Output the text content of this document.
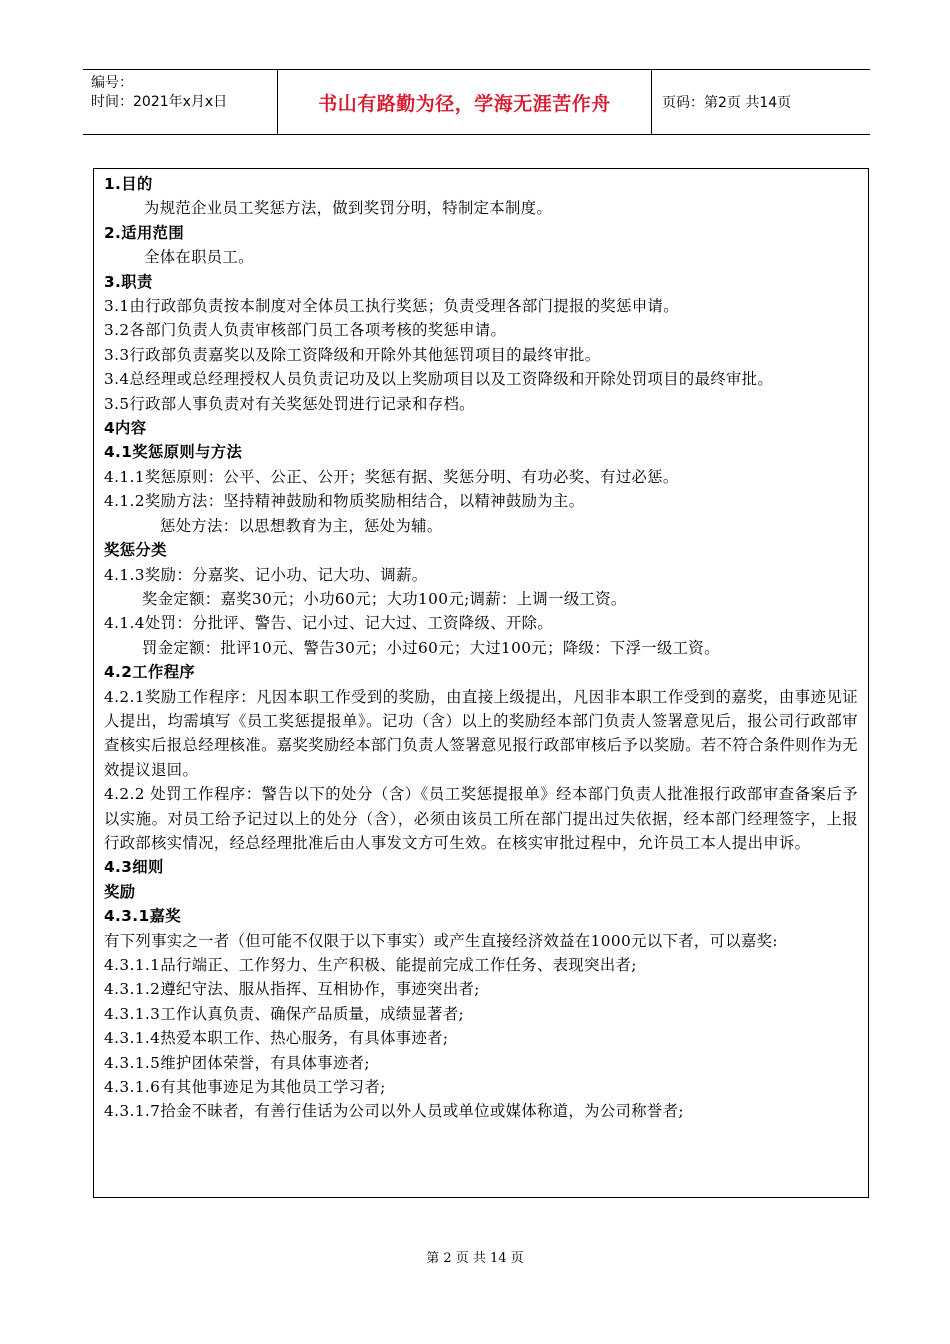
编号：
时间：2021年x月x日	书山有路勤为径，学海无涯苦作舟	页码：第2页 共14页
1.目的
为规范企业员工奖惩方法，做到奖罚分明，特制定本制度。
2.适用范围
全体在职员工。
3.职责
3.1由行政部负责按本制度对全体员工执行奖惩；负责受理各部门提报的奖惩申请。
3.2各部门负责人负责审核部门员工各项考核的奖惩申请。
3.3行政部负责嘉奖以及除工资降级和开除外其他惩罚项目的最终审批。
3.4总经理或总经理授权人员负责记功及以上奖励项目以及工资降级和开除处罚项目的最终审批。
3.5行政部人事负责对有关奖惩处罚进行记录和存档。
4内容
4.1奖惩原则与方法
4.1.1奖惩原则：公平、公正、公开；奖惩有据、奖惩分明、有功必奖、有过必惩。
4.1.2奖励方法：坚持精神鼓励和物质奖励相结合，以精神鼓励为主。
惩处方法：以思想教育为主，惩处为辅。
奖惩分类
4.1.3奖励：分嘉奖、记小功、记大功、调薪。
奖金定额：嘉奖30元；小功60元；大功100元;调薪：上调一级工资。
4.1.4处罚：分批评、警告、记小过、记大过、工资降级、开除。
罚金定额：批评10元、警告30元；小过60元；大过100元；降级：下浮一级工资。
4.2工作程序
4.2.1奖励工作程序：凡因本职工作受到的奖励，由直接上级提出，凡因非本职工作受到的嘉奖，由事迹见证人提出，均需填写《员工奖惩提报单》。记功（含）以上的奖励经本部门负责人签署意见后，报公司行政部审查核实后报总经理核准。嘉奖奖励经本部门负责人签署意见报行政部审核后予以奖励。若不符合条件则作为无效提议退回。
4.2.2 处罚工作程序：警告以下的处分（含）《员工奖惩提报单》经本部门负责人批准报行政部审查备案后予以实施。对员工给予记过以上的处分（含），必须由该员工所在部门提出过失依据，经本部门经理签字，上报行政部核实情况，经总经理批准后由人事发文方可生效。在核实审批过程中，允许员工本人提出申诉。
4.3细则
奖励
4.3.1嘉奖
有下列事实之一者（但可能不仅限于以下事实）或产生直接经济效益在1000元以下者，可以嘉奖:
4.3.1.1品行端正、工作努力、生产积极、能提前完成工作任务、表现突出者;
4.3.1.2遵纪守法、服从指挥、互相协作，事迹突出者;
4.3.1.3工作认真负责、确保产品质量，成绩显著者;
4.3.1.4热爱本职工作、热心服务，有具体事迹者;
4.3.1.5维护团体荣誉，有具体事迹者;
4.3.1.6有其他事迹足为其他员工学习者;
4.3.1.7拾金不昧者，有善行佳话为公司以外人员或单位或媒体称道，为公司称誉者;
第 2 页 共 14 页
